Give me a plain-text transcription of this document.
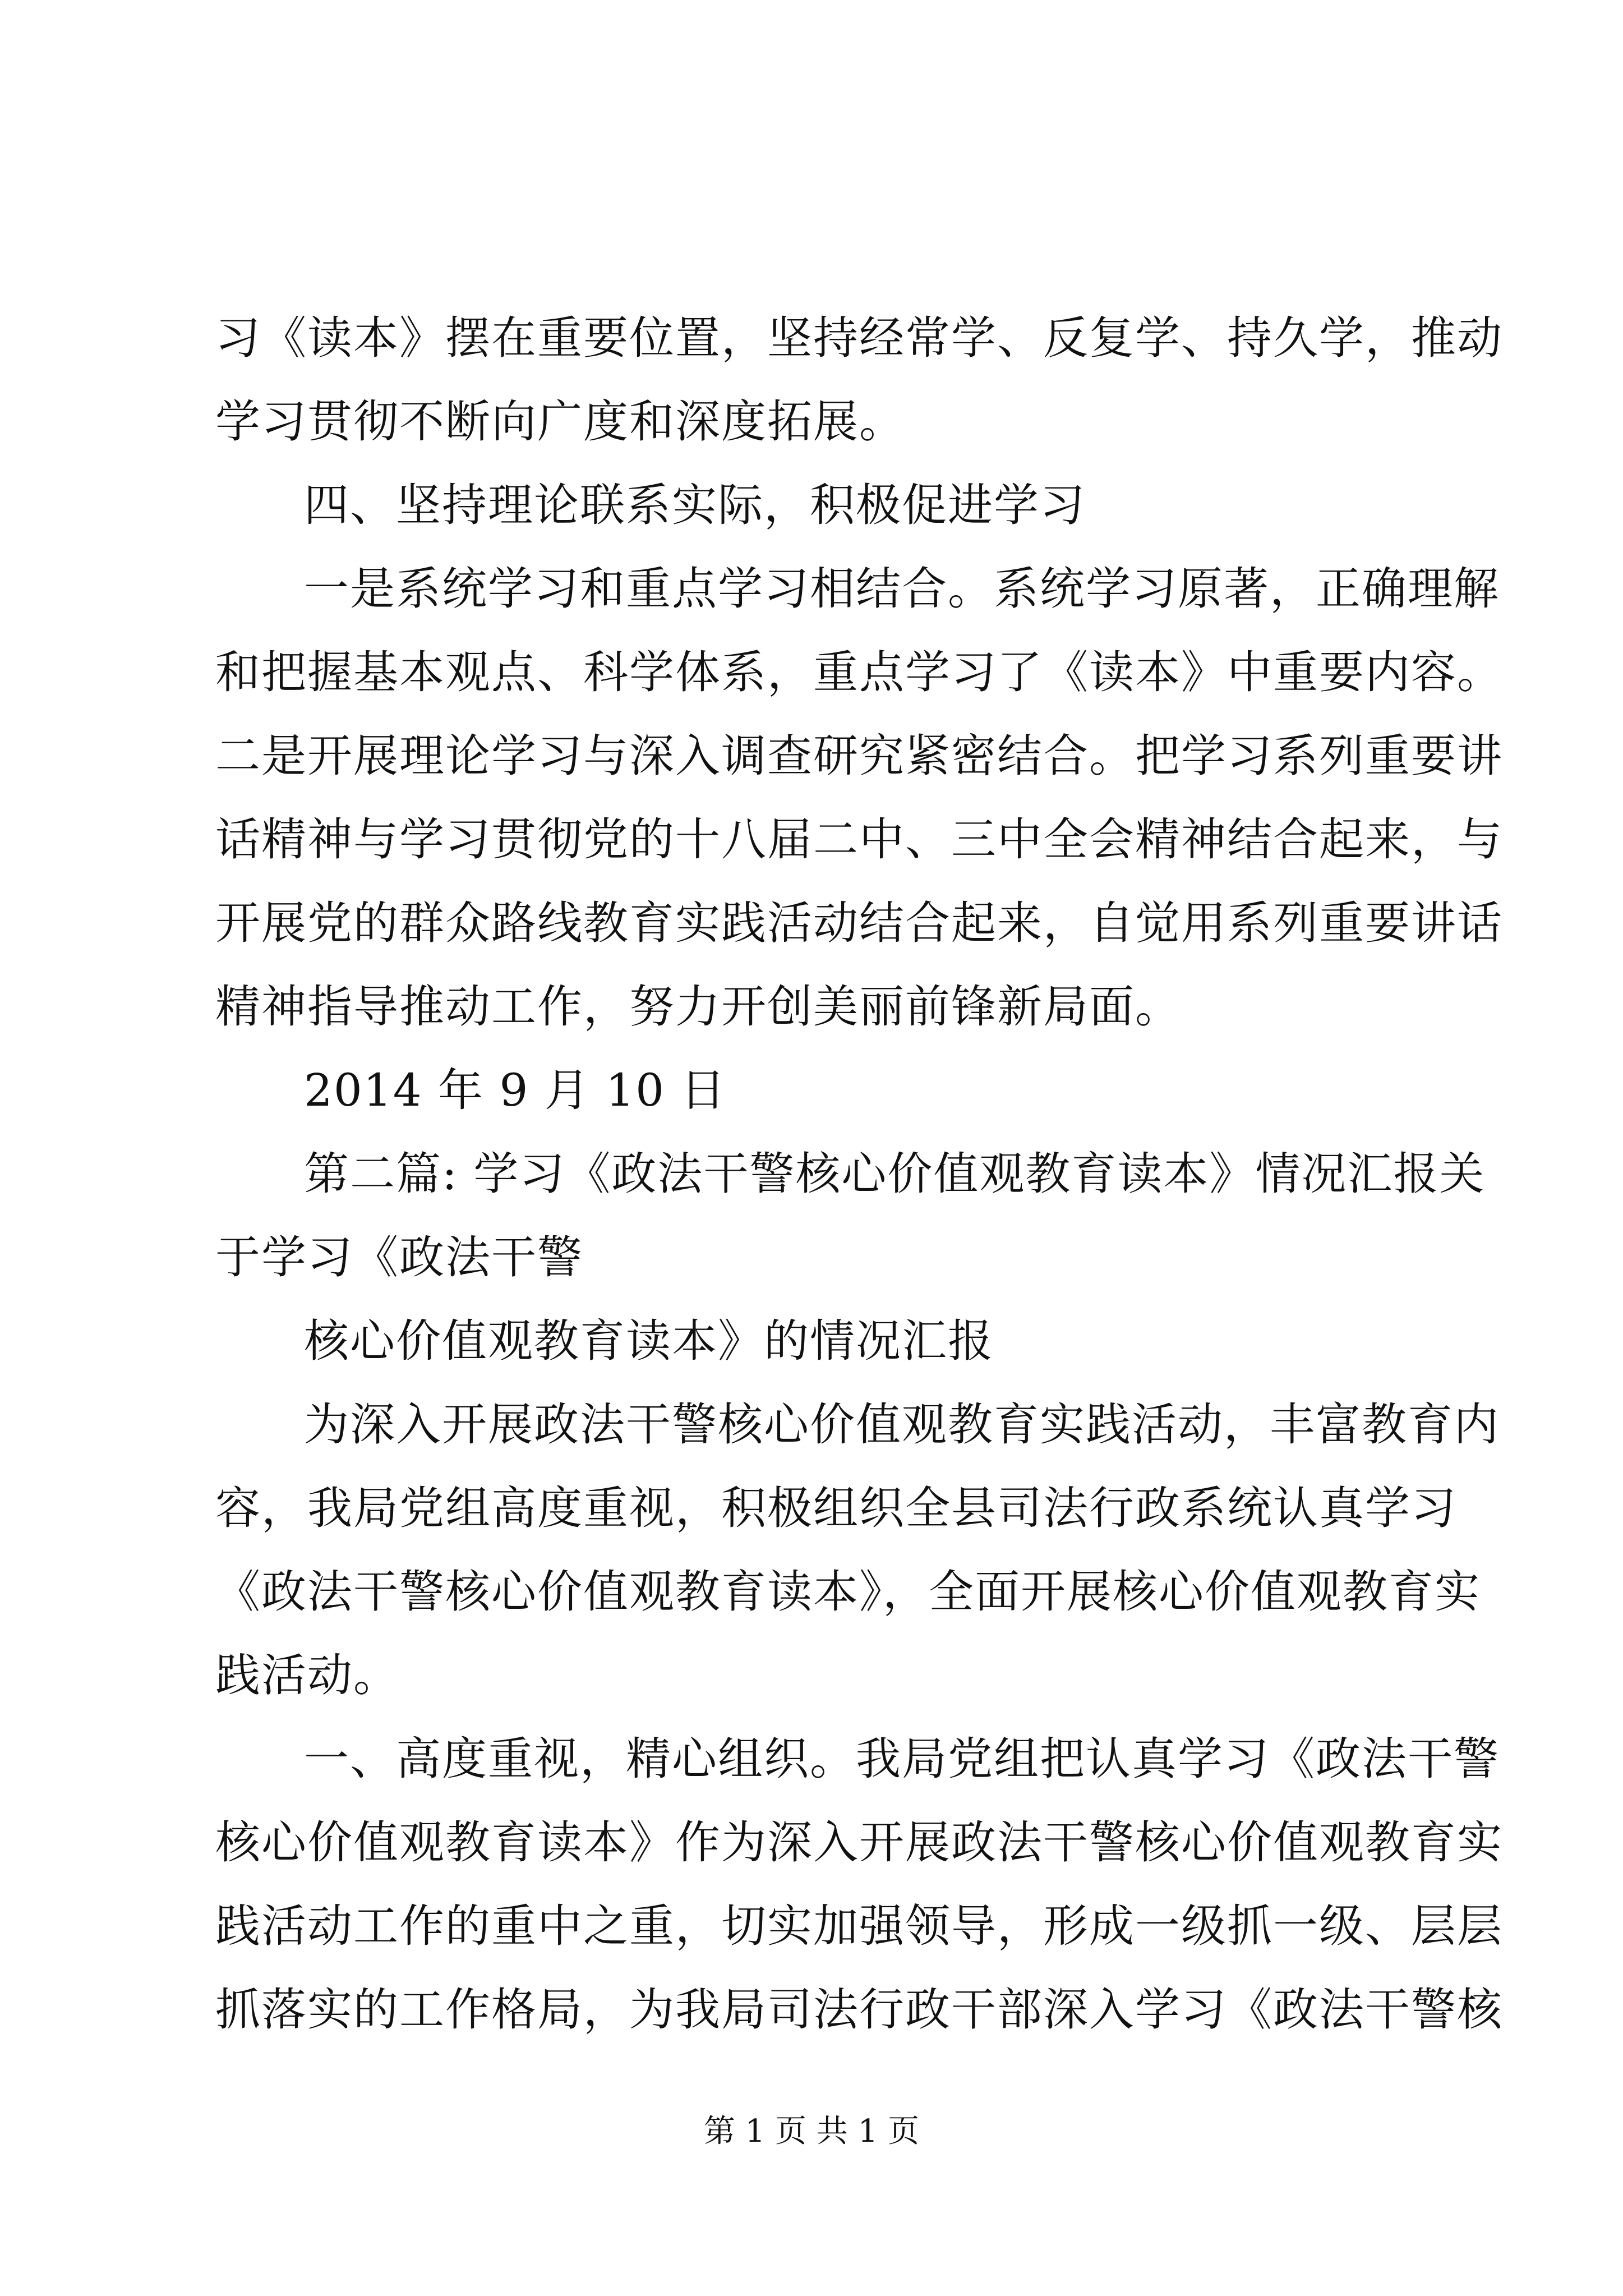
习《读本》摆在重要位置，坚持经常学、反复学、持久学，推动
学习贯彻不断向广度和深度拓展。
四、坚持理论联系实际，积极促进学习
一是系统学习和重点学习相结合。系统学习原著，正确理解
和把握基本观点、科学体系，重点学习了《读本》中重要内容。
二是开展理论学习与深入调查研究紧密结合。把学习系列重要讲
话精神与学习贯彻党的十八届二中、三中全会精神结合起来，与
开展党的群众路线教育实践活动结合起来，自觉用系列重要讲话
精神指导推动工作，努力开创美丽前锋新局面。
2014 年 9 月 10 日
第二篇: 学习《政法干警核心价值观教育读本》情况汇报关
于学习《政法干警
核心价值观教育读本》的情况汇报
为深入开展政法干警核心价值观教育实践活动，丰富教育内
容，我局党组高度重视，积极组织全县司法行政系统认真学习
《政法干警核心价值观教育读本》，全面开展核心价值观教育实
践活动。
一、高度重视，精心组织。我局党组把认真学习《政法干警
核心价值观教育读本》作为深入开展政法干警核心价值观教育实
践活动工作的重中之重，切实加强领导，形成一级抓一级、层层
抓落实的工作格局，为我局司法行政干部深入学习《政法干警核
第 1 页 共 1 页
